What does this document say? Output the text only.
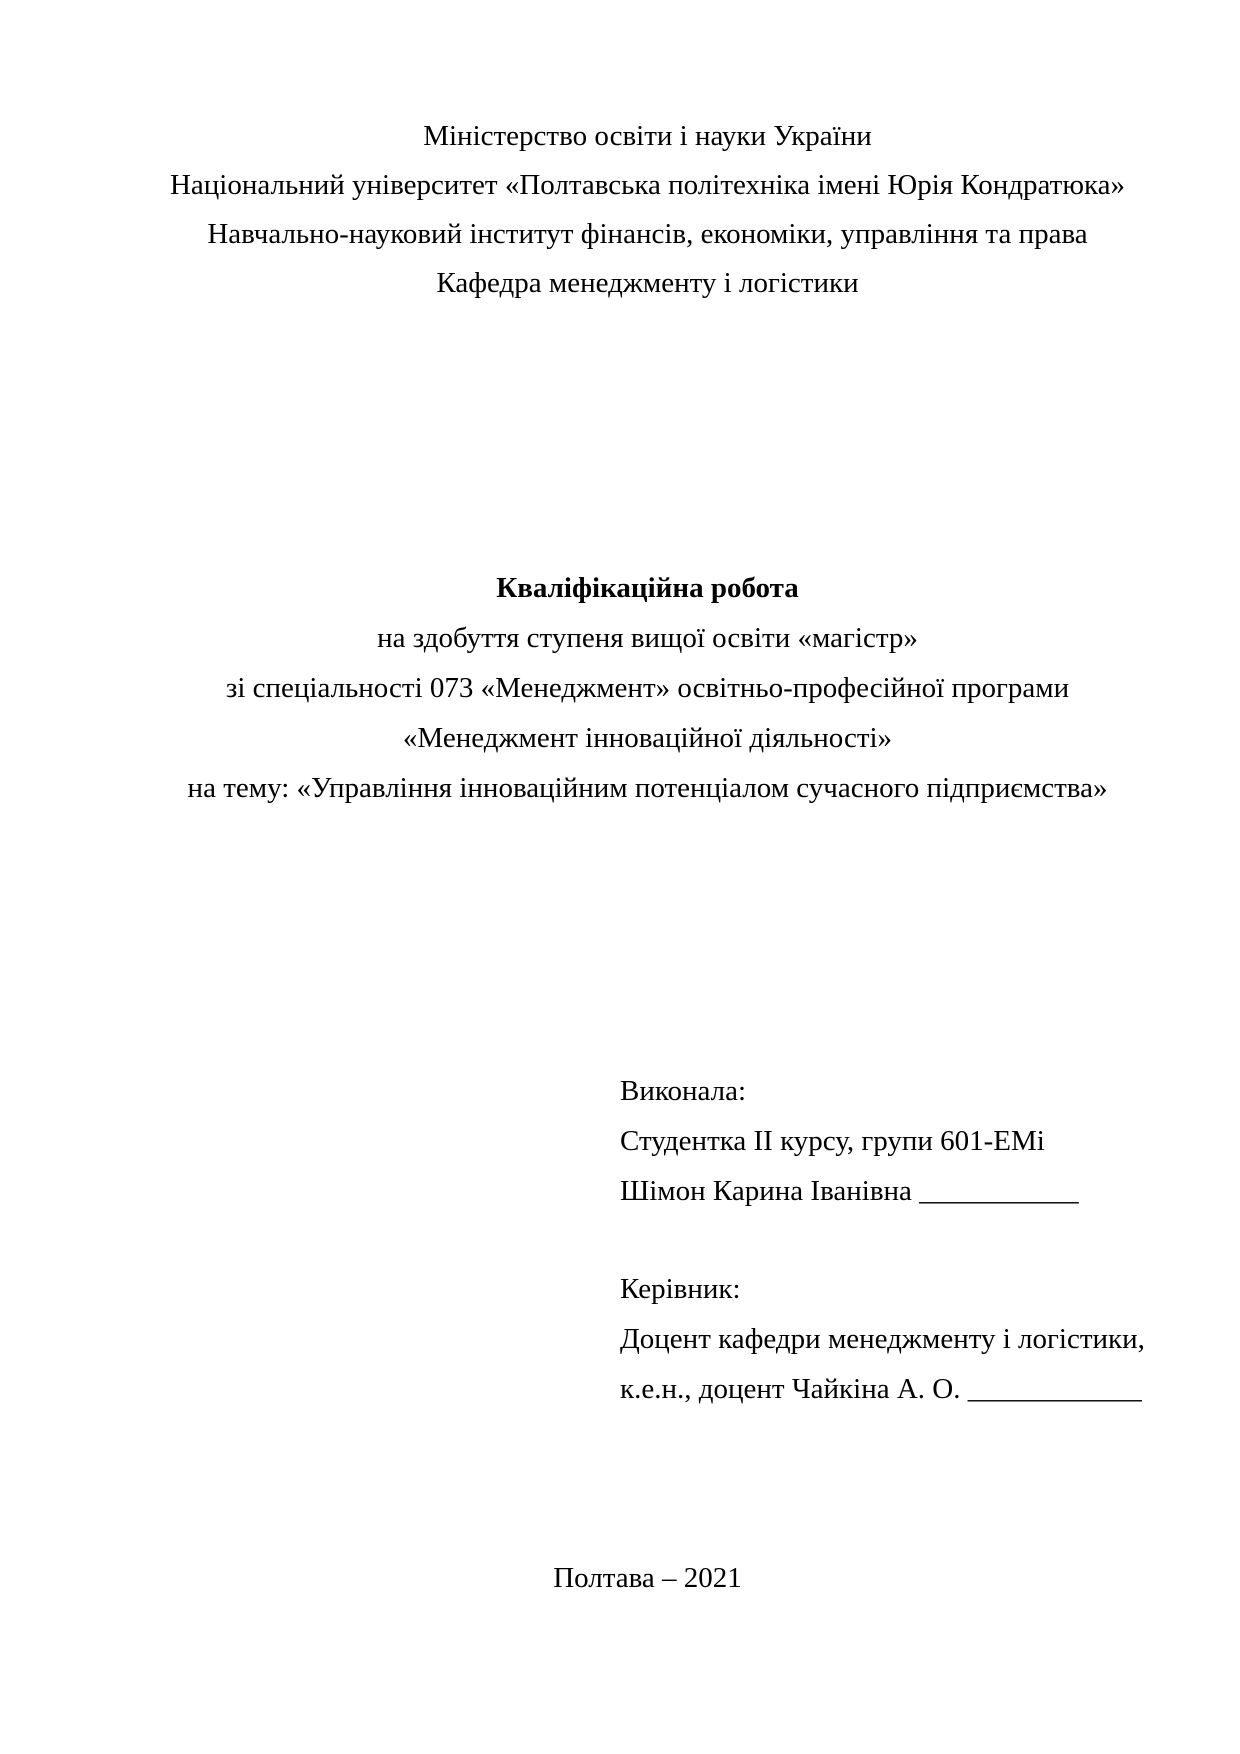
Міністерство освіти і науки України
Національний університет «Полтавська політехніка імені Юрія Кондратюка»
Навчально-науковий інститут фінансів, економіки, управління та права
Кафедра менеджменту і логістики
Кваліфікаційна робота
на здобуття ступеня вищої освіти «магістр»
зі спеціальності 073 «Менеджмент» освітньо-професійної програми
«Менеджмент інноваційної діяльності»
на тему: «Управління інноваційним потенціалом сучасного підприємства»
Виконала:
Студентка ІІ курсу, групи 601-ЕМі
Шімон Карина Іванівна ___________
Керівник:
Доцент кафедри менеджменту і логістики,
к.е.н., доцент Чайкіна А. О. ____________
Полтава – 2021
